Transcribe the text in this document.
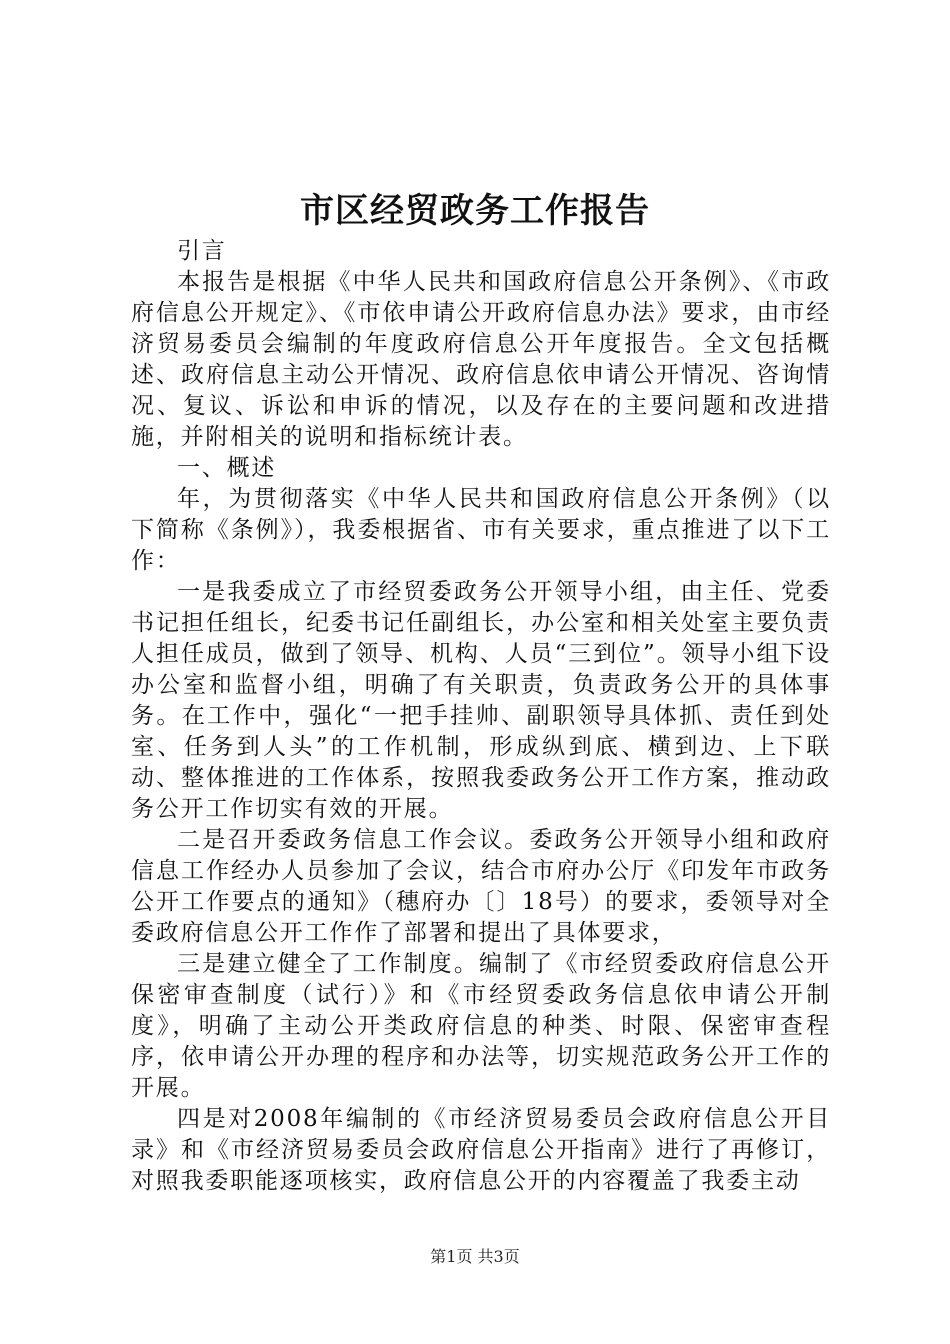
市区经贸政务工作报告

引言

本报告是根据《中华人民共和国政府信息公开条例》、《市政府信息公开规定》、《市依申请公开政府信息办法》要求，由市经济贸易委员会编制的年度政府信息公开年度报告。全文包括概述、政府信息主动公开情况、政府信息依申请公开情况、咨询情况、复议、诉讼和申诉的情况，以及存在的主要问题和改进措施，并附相关的说明和指标统计表。

一、概述

年，为贯彻落实《中华人民共和国政府信息公开条例》（以下简称《条例》），我委根据省、市有关要求，重点推进了以下工作：

一是我委成立了市经贸委政务公开领导小组，由主任、党委书记担任组长，纪委书记任副组长，办公室和相关处室主要负责人担任成员，做到了领导、机构、人员“三到位”。领导小组下设办公室和监督小组，明确了有关职责，负责政务公开的具体事务。在工作中，强化“一把手挂帅、副职领导具体抓、责任到处室、任务到人头”的工作机制，形成纵到底、横到边、上下联动、整体推进的工作体系，按照我委政务公开工作方案，推动政务公开工作切实有效的开展。

二是召开委政务信息工作会议。委政务公开领导小组和政府信息工作经办人员参加了会议，结合市府办公厅《印发年市政务公开工作要点的通知》（穗府办〔〕18号）的要求，委领导对全委政府信息公开工作作了部署和提出了具体要求，

三是建立健全了工作制度。编制了《市经贸委政府信息公开保密审查制度（试行）》和《市经贸委政务信息依申请公开制度》，明确了主动公开类政府信息的种类、时限、保密审查程序，依申请公开办理的程序和办法等，切实规范政务公开工作的开展。

四是对2008年编制的《市经济贸易委员会政府信息公开目录》和《市经济贸易委员会政府信息公开指南》进行了再修订，对照我委职能逐项核实，政府信息公开的内容覆盖了我委主动

第1页 共3页
